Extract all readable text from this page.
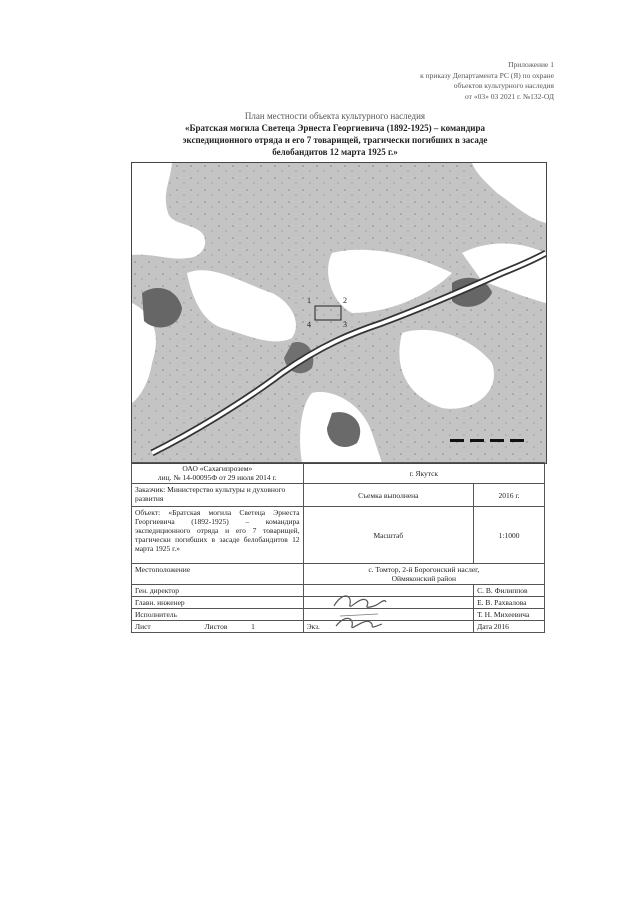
Приложение 1
к приказу Департамента РС (Я) по охране
объектов культурного наследия
от «03» 03 2021 г. №132-ОД
План местности объекта культурного наследия
«Братская могила Светеца Эрнеста Георгиевича (1892-1925) – командира
экспедиционного отряда и его 7 товарищей, трагически погибших в засаде
белобандитов 12 марта 1925 г.»
1	2
3
4
ОАО «Сахагипрозем»
лиц. № 14-00095Ф от 29 июля 2014 г.	г. Якутск	
Заказчик: Министерство культуры и духовного развития	Съемка выполнена	2016 г.
Объект: «Братская могила Светеца Эрнеста Георгиевича (1892-1925) – командира экспедиционного отряда и его 7 товарищей, трагически погибших в засаде белобандитов 12 марта 1925 г.»	Масштаб	1:1000
Местоположение	с. Томтор, 2-й Борогонский наслег,
Оймяконский район	

Ген. директор		С. В. Филиппов
Главн. инженер		Е. В. Рахвалова
Исполнитель		Т. Н. Михеевича
Лист Листов 1	Экз.	Дата 2016
